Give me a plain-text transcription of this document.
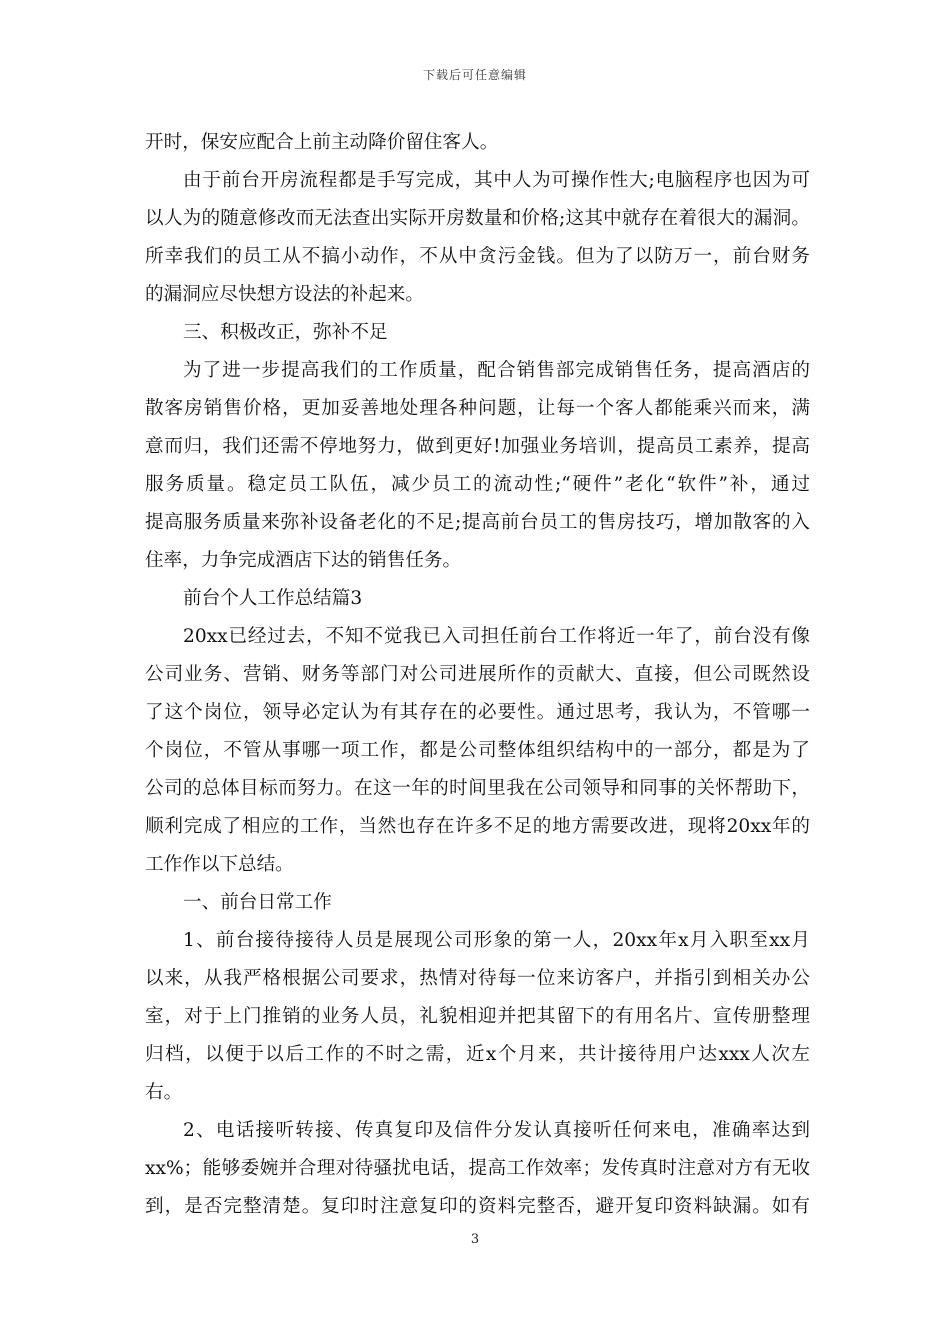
下载后可任意编辑
开时，保安应配合上前主动降价留住客人。
由于前台开房流程都是手写完成，其中人为可操作性大;电脑程序也因为可
以人为的随意修改而无法查出实际开房数量和价格;这其中就存在着很大的漏洞。
所幸我们的员工从不搞小动作，不从中贪污金钱。但为了以防万一，前台财务
的漏洞应尽快想方设法的补起来。
三、积极改正，弥补不足
为了进一步提高我们的工作质量，配合销售部完成销售任务，提高酒店的
散客房销售价格，更加妥善地处理各种问题，让每一个客人都能乘兴而来，满
意而归，我们还需不停地努力，做到更好!加强业务培训，提高员工素养，提高
服务质量。稳定员工队伍，减少员工的流动性;“硬件”老化“软件”补，通过
提高服务质量来弥补设备老化的不足;提高前台员工的售房技巧，增加散客的入
住率，力争完成酒店下达的销售任务。
前台个人工作总结篇3
20xx已经过去，不知不觉我已入司担任前台工作将近一年了，前台没有像
公司业务、营销、财务等部门对公司进展所作的贡献大、直接，但公司既然设
了这个岗位，领导必定认为有其存在的必要性。通过思考，我认为，不管哪一
个岗位，不管从事哪一项工作，都是公司整体组织结构中的一部分，都是为了
公司的总体目标而努力。在这一年的时间里我在公司领导和同事的关怀帮助下，
顺利完成了相应的工作，当然也存在许多不足的地方需要改进，现将20xx年的
工作作以下总结。
一、前台日常工作
1、前台接待接待人员是展现公司形象的第一人，20xx年x月入职至xx月
以来，从我严格根据公司要求，热情对待每一位来访客户，并指引到相关办公
室，对于上门推销的业务人员，礼貌相迎并把其留下的有用名片、宣传册整理
归档，以便于以后工作的不时之需，近x个月来，共计接待用户达xxx人次左
右。
2、电话接听转接、传真复印及信件分发认真接听任何来电，准确率达到
xx%；能够委婉并合理对待骚扰电话，提高工作效率；发传真时注意对方有无收
到，是否完整清楚。复印时注意复印的资料完整否，避开复印资料缺漏。如有
3
